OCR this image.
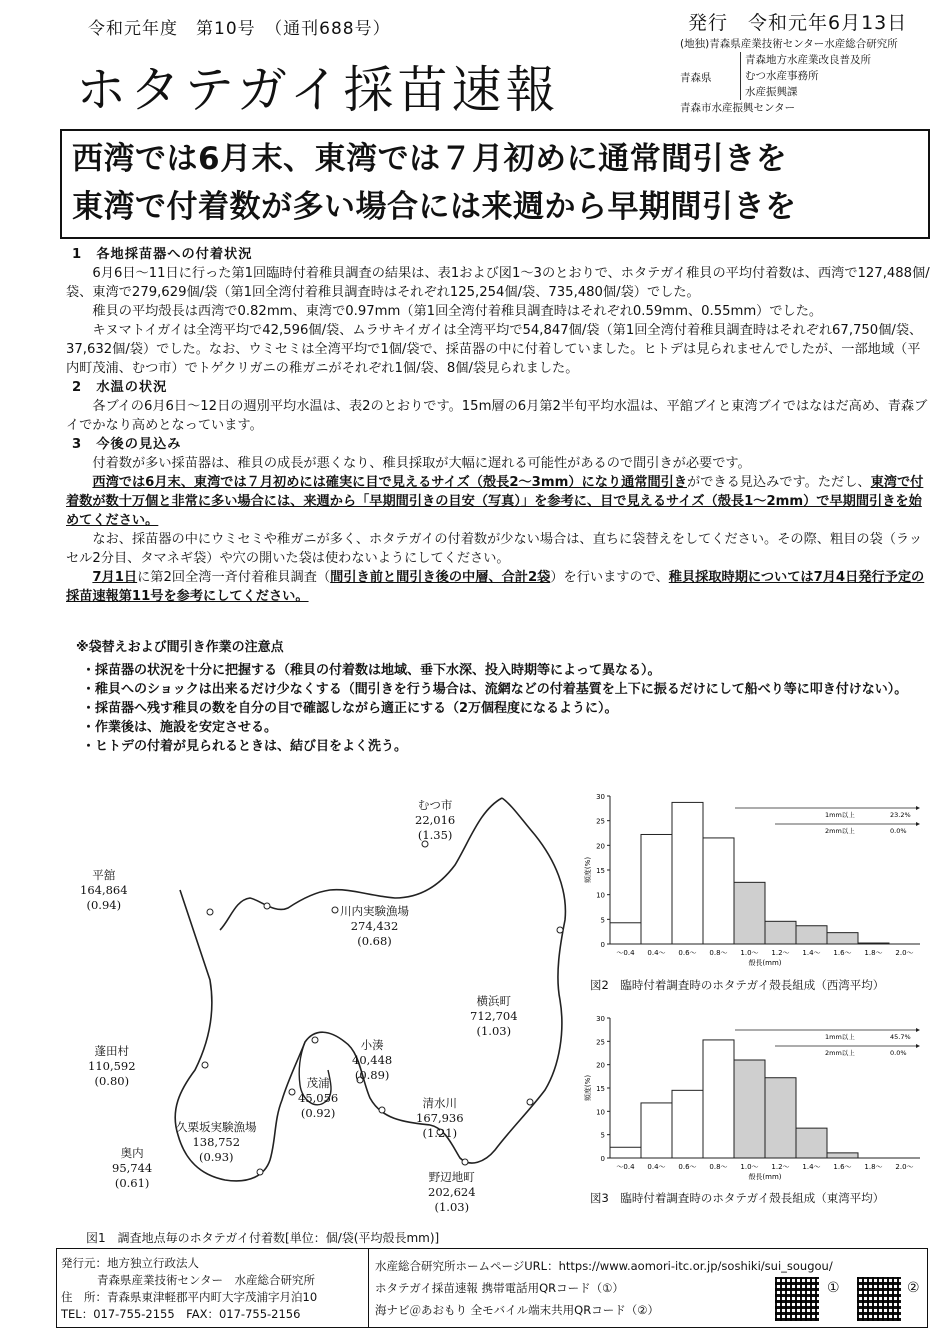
令和元年度　第10号　（通刊688号）	発行　令和元年6月13日
ホタテガイ採苗速報
(地独)青森県産業技術センター水産総合研究所
青森県
青森地方水産業改良普及所
むつ水産事務所
水産振興課
青森市水産振興センター
西湾では6月末、東湾では７月初めに通常間引きを
東湾で付着数が多い場合には来週から早期間引きを
1　各地採苗器への付着状況

6月6日～11日に行った第1回臨時付着稚貝調査の結果は、表1および図1～3のとおりで、ホタテガイ稚貝の平均付着数は、西湾で127,488個/袋、東湾で279,629個/袋（第1回全湾付着稚貝調査時はそれぞれ125,254個/袋、735,480個/袋）でした。

稚貝の平均殻長は西湾で0.82mm、東湾で0.97mm（第1回全湾付着稚貝調査時はそれぞれ0.59mm、0.55mm）でした。

キヌマトイガイは全湾平均で42,596個/袋、ムラサキイガイは全湾平均で54,847個/袋（第1回全湾付着稚貝調査時はそれぞれ67,750個/袋、37,632個/袋）でした。なお、ウミセミは全湾平均で1個/袋で、採苗器の中に付着していました。ヒトデは見られませんでしたが、一部地域（平内町茂浦、むつ市）でトゲクリガニの稚ガニがそれぞれ1個/袋、8個/袋見られました。

2　水温の状況

各ブイの6月6日～12日の週別平均水温は、表2のとおりです。15m層の6月第2半旬平均水温は、平舘ブイと東湾ブイではなはだ高め、青森ブイでかなり高めとなっています。

3　今後の見込み

付着数が多い採苗器は、稚貝の成長が悪くなり、稚貝採取が大幅に遅れる可能性があるので間引きが必要です。

西湾では6月末、東湾では７月初めには確実に目で見えるサイズ（殻長2～3mm）になり通常間引きができる見込みです。ただし、東湾で付着数が数十万個と非常に多い場合には、来週から「早期間引きの目安（写真）」を参考に、目で見えるサイズ（殻長1～2mm）で早期間引きを始めてください。

なお、採苗器の中にウミセミや稚ガニが多く、ホタテガイの付着数が少ない場合は、直ちに袋替えをしてください。その際、粗目の袋（ラッセル2分目、タマネギ袋）や穴の開いた袋は使わないようにしてください。

7月1日に第2回全湾一斉付着稚貝調査（間引き前と間引き後の中層、合計2袋）を行いますので、稚貝採取時期については7月4日発行予定の採苗速報第11号を参考にしてください。

※袋替えおよび間引き作業の注意点
・採苗器の状況を十分に把握する（稚貝の付着数は地域、垂下水深、投入時期等によって異なる）。
・稚貝へのショックは出来るだけ少なくする（間引きを行う場合は、流網などの付着基質を上下に振るだけにして船べり等に叩き付けない）。
・採苗器へ残す稚貝の数を自分の目で確認しながら適正にする（2万個程度になるように）。
・作業後は、施設を安定させる。
・ヒトデの付着が見られるときは、結び目をよく洗う。
むつ市
22,016
(1.35)
平舘
164,864
(0.94)	川内実験漁場
274,432
(0.68)
横浜町
712,704
(1.03)
蓬田村
110,592
(0.80)
小湊
40,448
(0.89)
茂浦
45,056
(0.92)
清水川
167,936
(1.21)
久栗坂実験漁場
138,752
(0.93)
奥内
95,744
(0.61)	野辺地町
202,624
(1.03)
図1　調査地点毎のホタテガイ付着数[単位：個/袋(平均殻長mm)]
0
5
10
15
20
25
30
頻度(%)
～0.4 0.4～ 0.6～ 0.8～ 1.0～ 1.2～ 1.4～ 1.6～ 1.8～ 2.0～
殻長(mm)
1mm以上	23.2%
2mm以上	0.0%
図2　臨時付着調査時のホタテガイ殻長組成（西湾平均）
0
5
10
15
20
25
30
頻度(%)
～0.4 0.4～ 0.6～ 0.8～ 1.0～ 1.2～ 1.4～ 1.6～ 1.8～ 2.0～
殻長(mm)
1mm以上	45.7%
2mm以上	0.0%
図3　臨時付着調査時のホタテガイ殻長組成（東湾平均）
発行元：地方独立行政法人
青森県産業技術センター　水産総合研究所
住　所：青森県東津軽郡平内町大字茂浦字月泊10
TEL：017-755-2155　FAX：017-755-2156
水産総合研究所ホームページURL：https://www.aomori-itc.or.jp/soshiki/sui_sougou/
ホタテガイ採苗速報 携帯電話用QRコード（①）
海ナビ＠あおもり 全モバイル端末共用QRコード（②）
①	②
